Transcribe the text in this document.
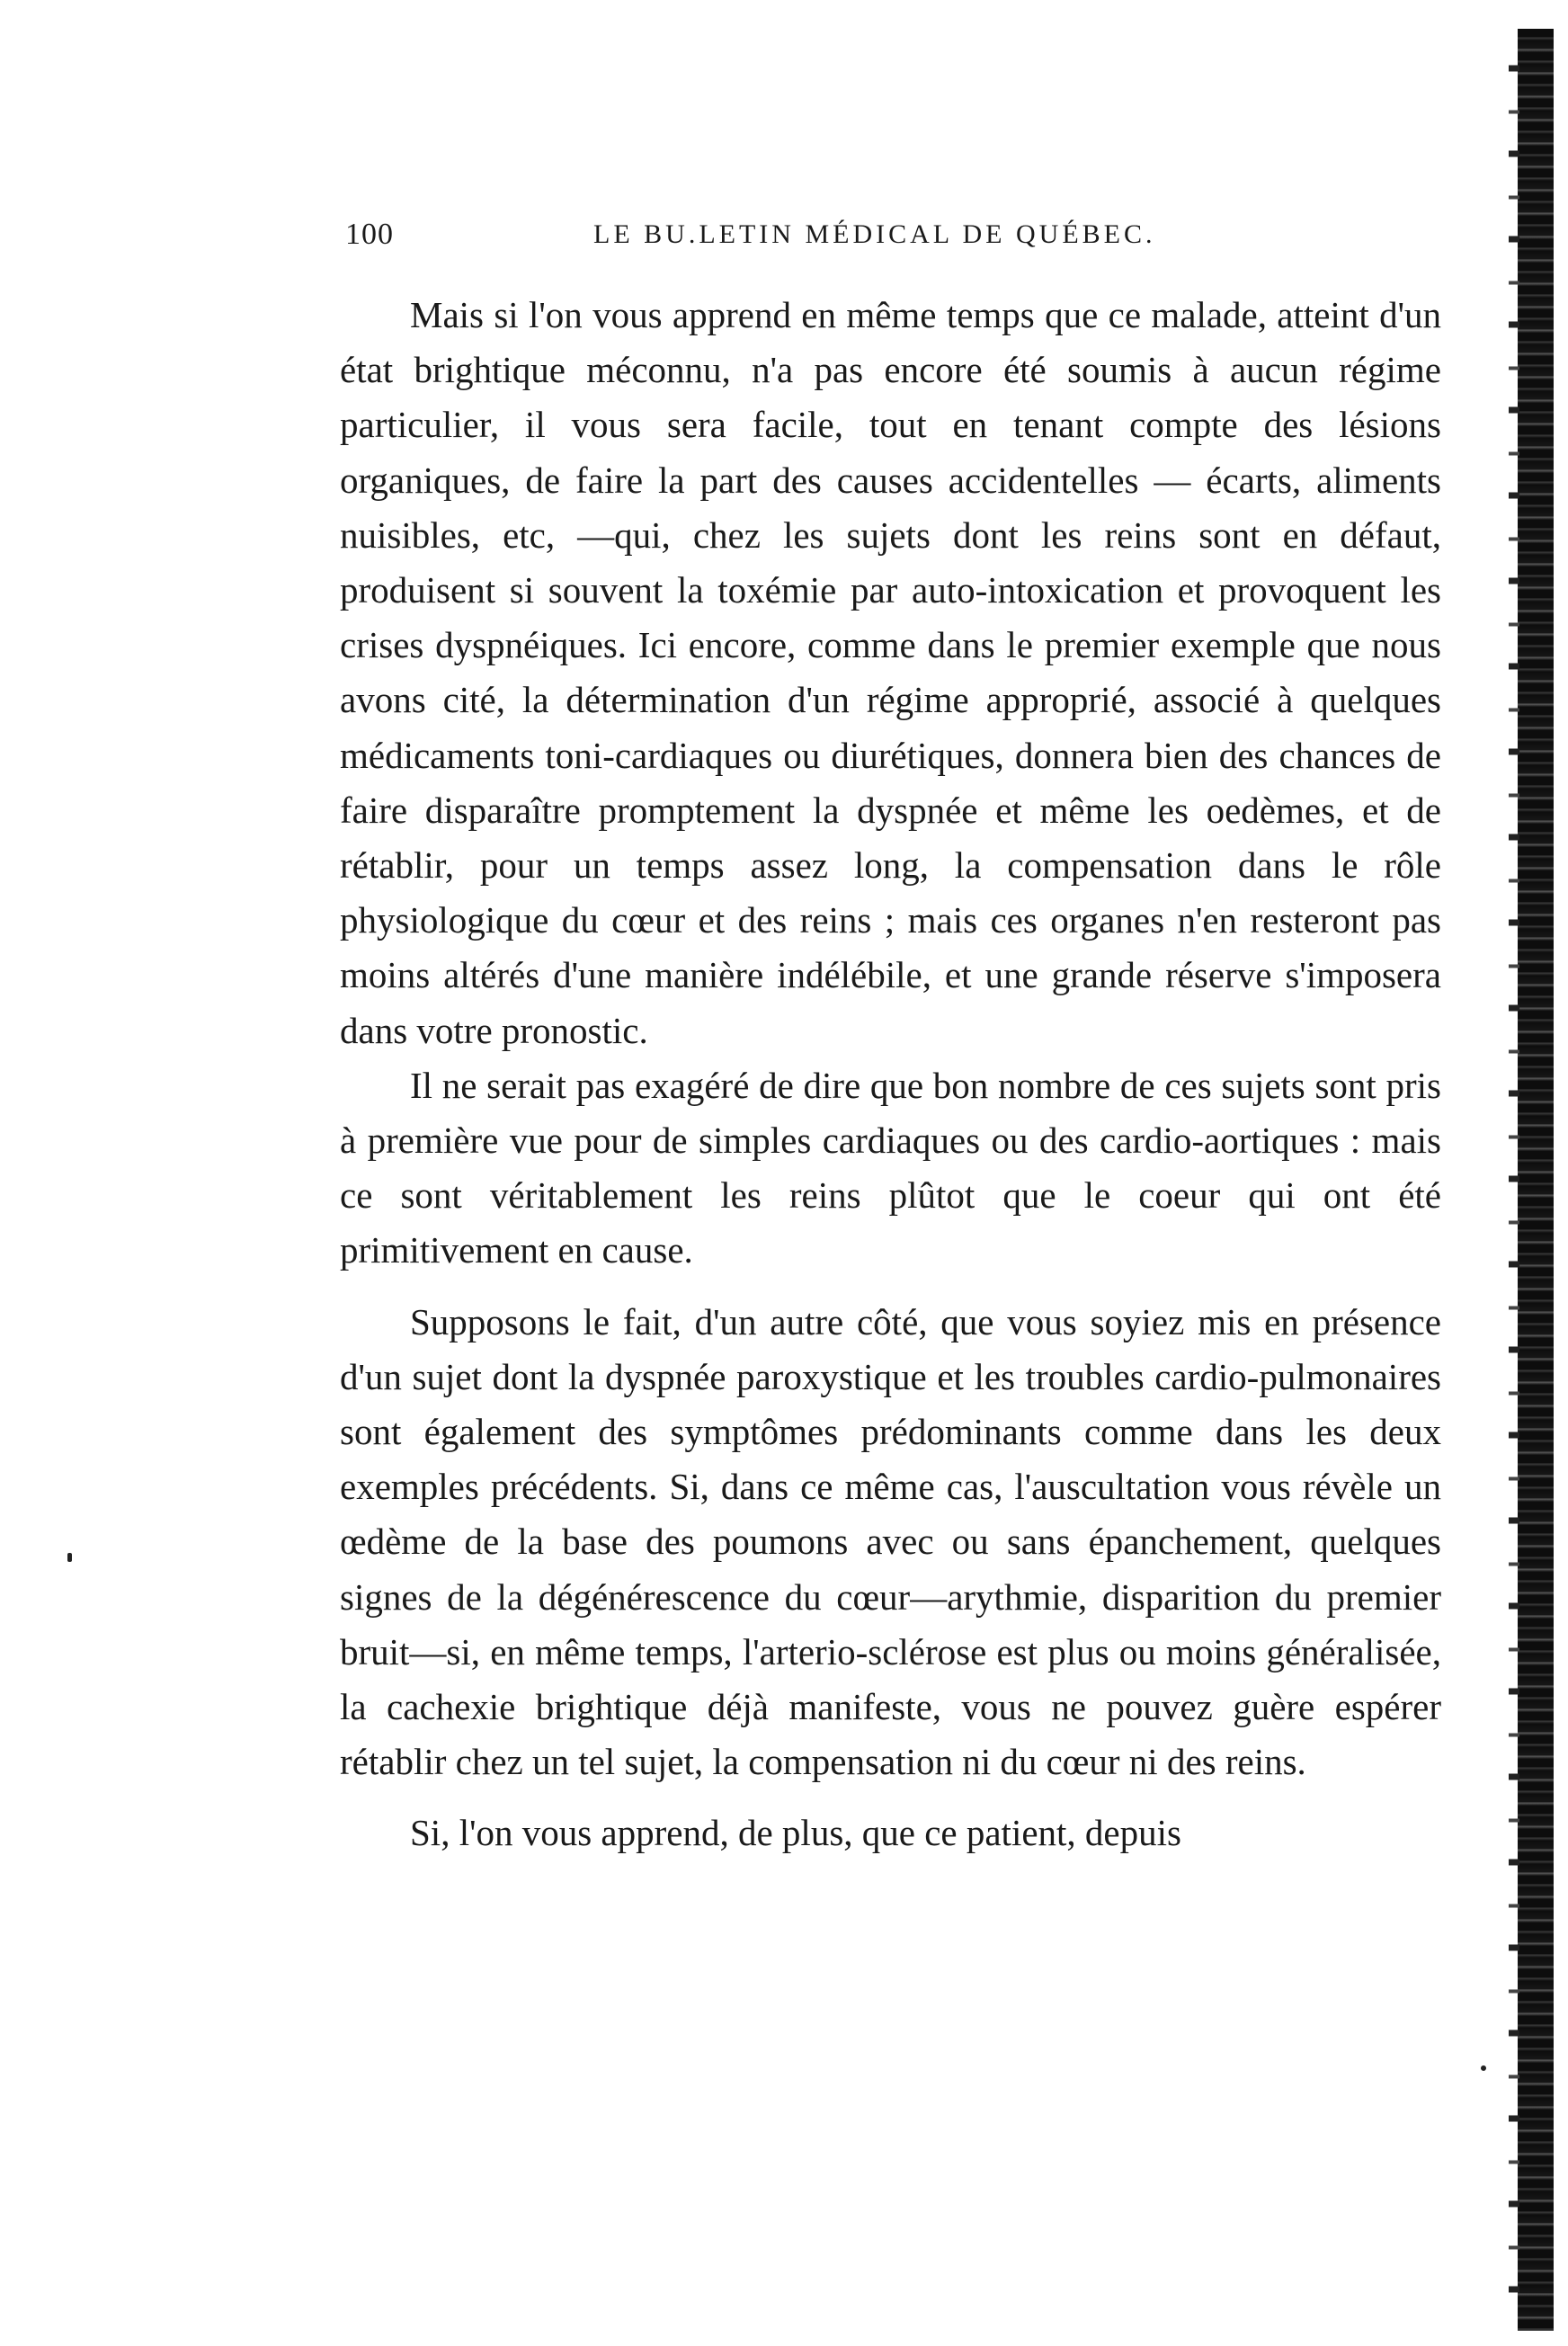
100	LE BU.LETIN MÉDICAL DE QUÉBEC.

Mais si l'on vous apprend en même temps que ce malade, atteint d'un état brightique méconnu, n'a pas encore été soumis à aucun régime particulier, il vous sera facile, tout en tenant compte des lésions organiques, de faire la part des causes accidentelles — écarts, aliments nuisibles, etc, —qui, chez les sujets dont les reins sont en défaut, produisent si souvent la toxémie par auto-intoxication et provoquent les crises dyspnéiques. Ici encore, comme dans le premier exemple que nous avons cité, la détermination d'un régime approprié, associé à quelques médicaments toni-cardiaques ou diurétiques, donnera bien des chances de faire disparaître promptement la dyspnée et même les oedèmes, et de rétablir, pour un temps assez long, la compensation dans le rôle physiologique du cœur et des reins ; mais ces organes n'en resteront pas moins altérés d'une manière indélébile, et une grande réserve s'imposera dans votre pronostic.

Il ne serait pas exagéré de dire que bon nombre de ces sujets sont pris à première vue pour de simples cardiaques ou des cardio-aortiques : mais ce sont véritablement les reins plûtot que le coeur qui ont été primitivement en cause.

Supposons le fait, d'un autre côté, que vous soyiez mis en présence d'un sujet dont la dyspnée paroxystique et les troubles cardio-pulmonaires sont également des symptômes prédominants comme dans les deux exemples précédents. Si, dans ce même cas, l'auscultation vous révèle un œdème de la base des poumons avec ou sans épanchement, quelques signes de la dégénérescence du cœur—arythmie, disparition du premier bruit—si, en même temps, l'arterio-sclérose est plus ou moins généralisée, la cachexie brightique déjà manifeste, vous ne pouvez guère espérer rétablir chez un tel sujet, la compensation ni du cœur ni des reins.

Si, l'on vous apprend, de plus, que ce patient, depuis
